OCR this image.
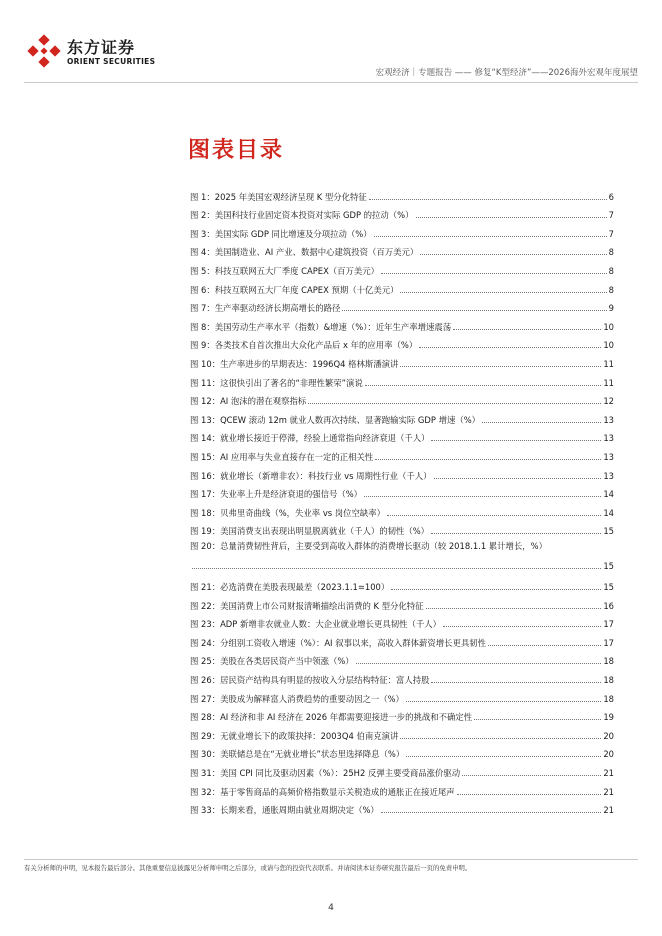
东方证券
ORIENT SECURITIES
宏观经济｜专题报告 —— 修复“K型经济”——2026海外宏观年度展望
图表目录
图 1：2025 年美国宏观经济呈现 K 型分化特征	6
图 2：美国科技行业固定资本投资对实际 GDP 的拉动（%）	7
图 3：美国实际 GDP 同比增速及分项拉动（%）	7
图 4：美国制造业、AI 产业、数据中心建筑投资（百万美元）	8
图 5：科技互联网五大厂季度 CAPEX（百万美元）	8
图 6：科技互联网五大厂年度 CAPEX 预期（十亿美元）	8
图 7：生产率驱动经济长期高增长的路径	9
图 8：美国劳动生产率水平（指数）&增速（%）：近年生产率增速震荡	10
图 9：各类技术自首次推出大众化产品后 x 年的应用率（%）	10
图 10：生产率进步的早期表达：1996Q4 格林斯潘演讲	11
图 11：这很快引出了著名的“非理性繁荣”演说	11
图 12：AI 泡沫的潜在观察指标	12
图 13：QCEW 滚动 12m 就业人数再次持续、显著跑输实际 GDP 增速（%）	13
图 14：就业增长接近于停滞，经验上通常指向经济衰退（千人）	13
图 15：AI 应用率与失业直接存在一定的正相关性	13
图 16：就业增长（新增非农）：科技行业 vs 周期性行业（千人）	13
图 17：失业率上升是经济衰退的强信号（%）	14
图 18：贝弗里奇曲线（%，失业率 vs 岗位空缺率）	14
图 19：美国消费支出表现出明显脱离就业（千人）的韧性（%）	15
图 20：总量消费韧性背后，主要受到高收入群体的消费增长驱动（较 2018.1.1 累计增长，%）
15
图 21：必选消费在美股表现最差（2023.1.1=100）	15
图 22：美国消费上市公司财报清晰描绘出消费的 K 型分化特征	16
图 23：ADP 新增非农就业人数：大企业就业增长更具韧性（千人）	17
图 24：分组别工资收入增速（%）：AI 叙事以来，高收入群体薪资增长更具韧性	17
图 25：美股在各类居民资产当中领涨（%）	18
图 26：居民资产结构具有明显的按收入分层结构特征：富人持股	18
图 27：美股成为解释富人消费趋势的重要动因之一（%）	18
图 28：AI 经济和非 AI 经济在 2026 年都需要迎接进一步的挑战和不确定性	19
图 29：无就业增长下的政策抉择：2003Q4 伯南克演讲	20
图 30：美联储总是在“无就业增长”状态里选择降息（%）	20
图 31：美国 CPI 同比及驱动因素（%）：25H2 反弹主要受商品涨价驱动	21
图 32：基于零售商品的高频价格指数显示关税造成的通胀正在接近尾声	21
图 33：长期来看，通胀周期由就业周期决定（%）	21
有关分析师的申明，见本报告最后部分。其他重要信息披露见分析师申明之后部分，或请与您的投资代表联系。并请阅读本证券研究报告最后一页的免责申明。
4
